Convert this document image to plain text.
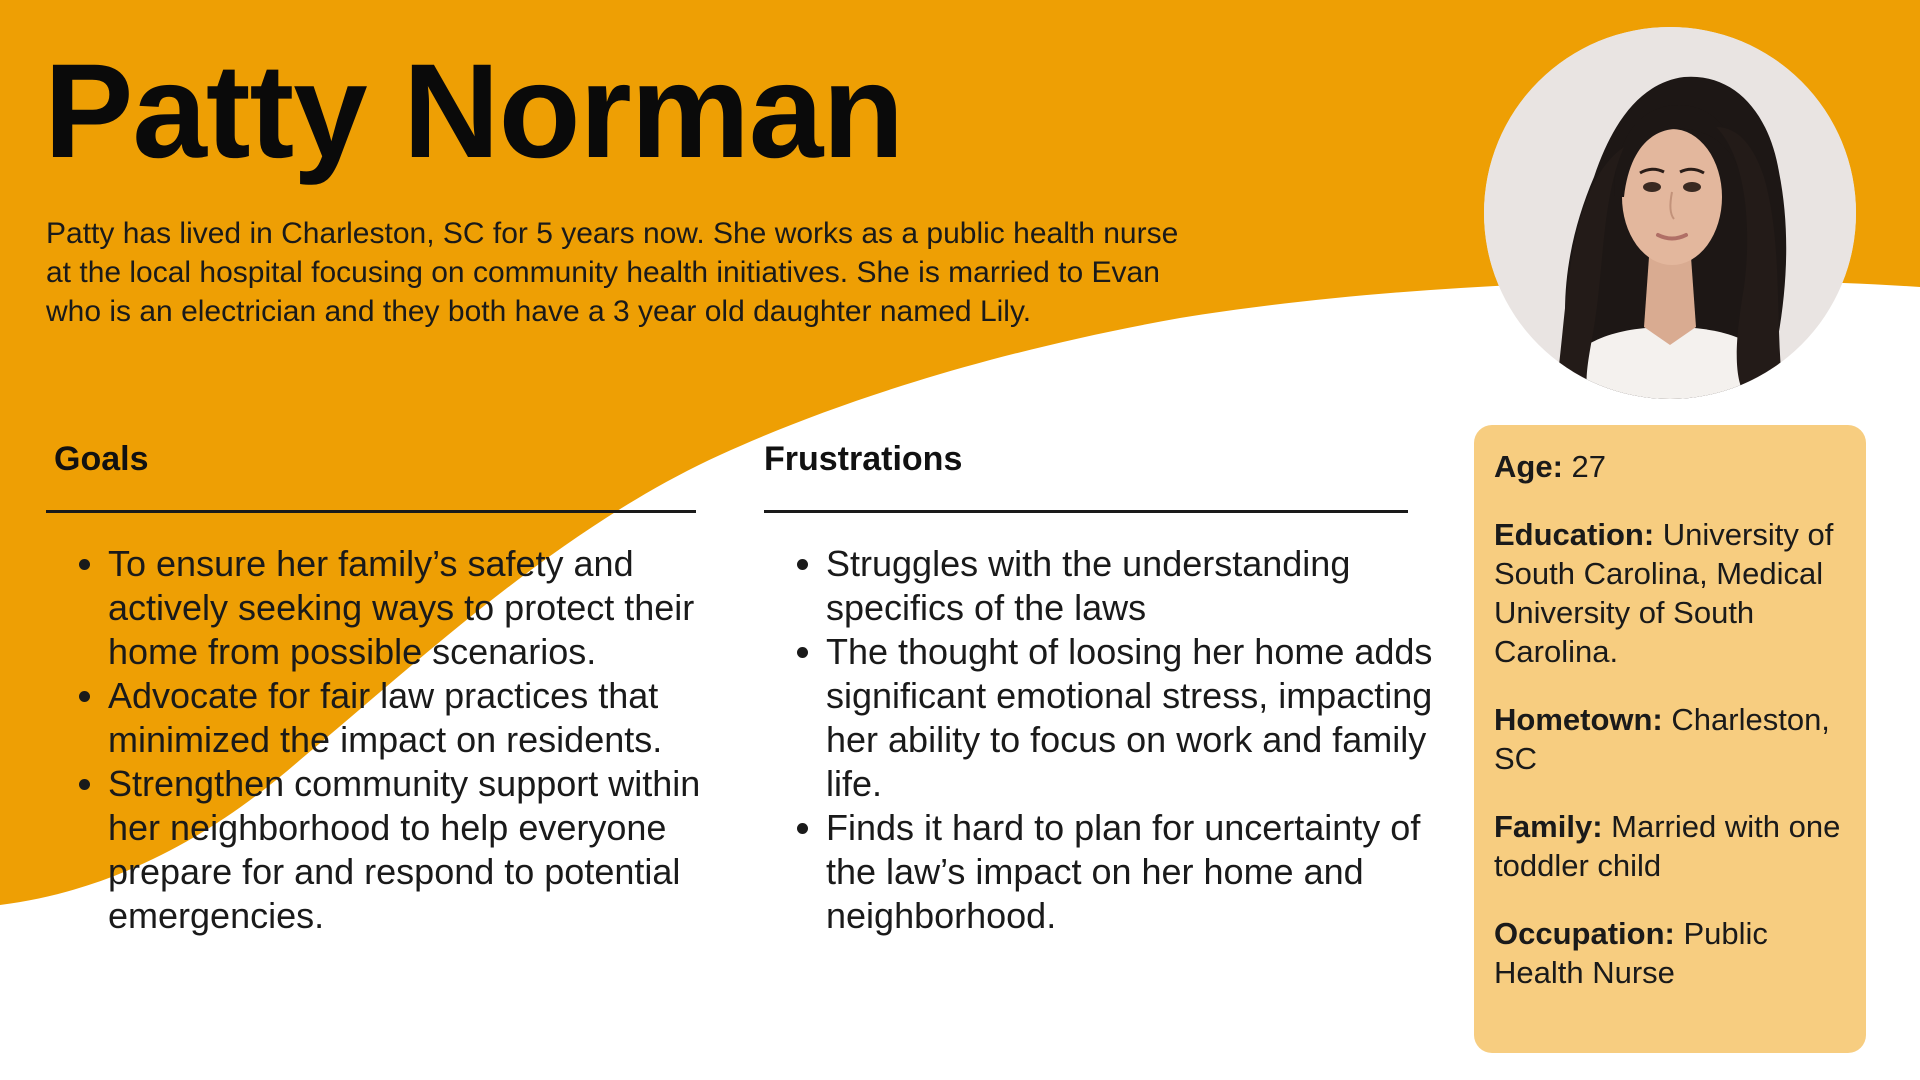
Patty Norman

Patty has lived in Charleston, SC for 5 years now. She works as a public health nurse at the local hospital focusing on community health initiatives. She is married to Evan who is an electrician and they both have a 3 year old daughter named Lily.

Goals
• To ensure her family’s safety and actively seeking ways to protect their home from possible scenarios.
• Advocate for fair law practices that minimized the impact on residents.
• Strengthen community support within her neighborhood to help everyone prepare for and respond to potential emergencies.
Frustrations
• Struggles with the understanding specifics of the laws
• The thought of loosing her home adds significant emotional stress, impacting her ability to focus on work and family life.
• Finds it hard to plan for uncertainty of the law’s impact on her home and neighborhood.

Age: 27

Education: University of South Carolina, Medical University of South Carolina.

Hometown: Charleston, SC

Family: Married with one toddler child

Occupation: Public Health Nurse
